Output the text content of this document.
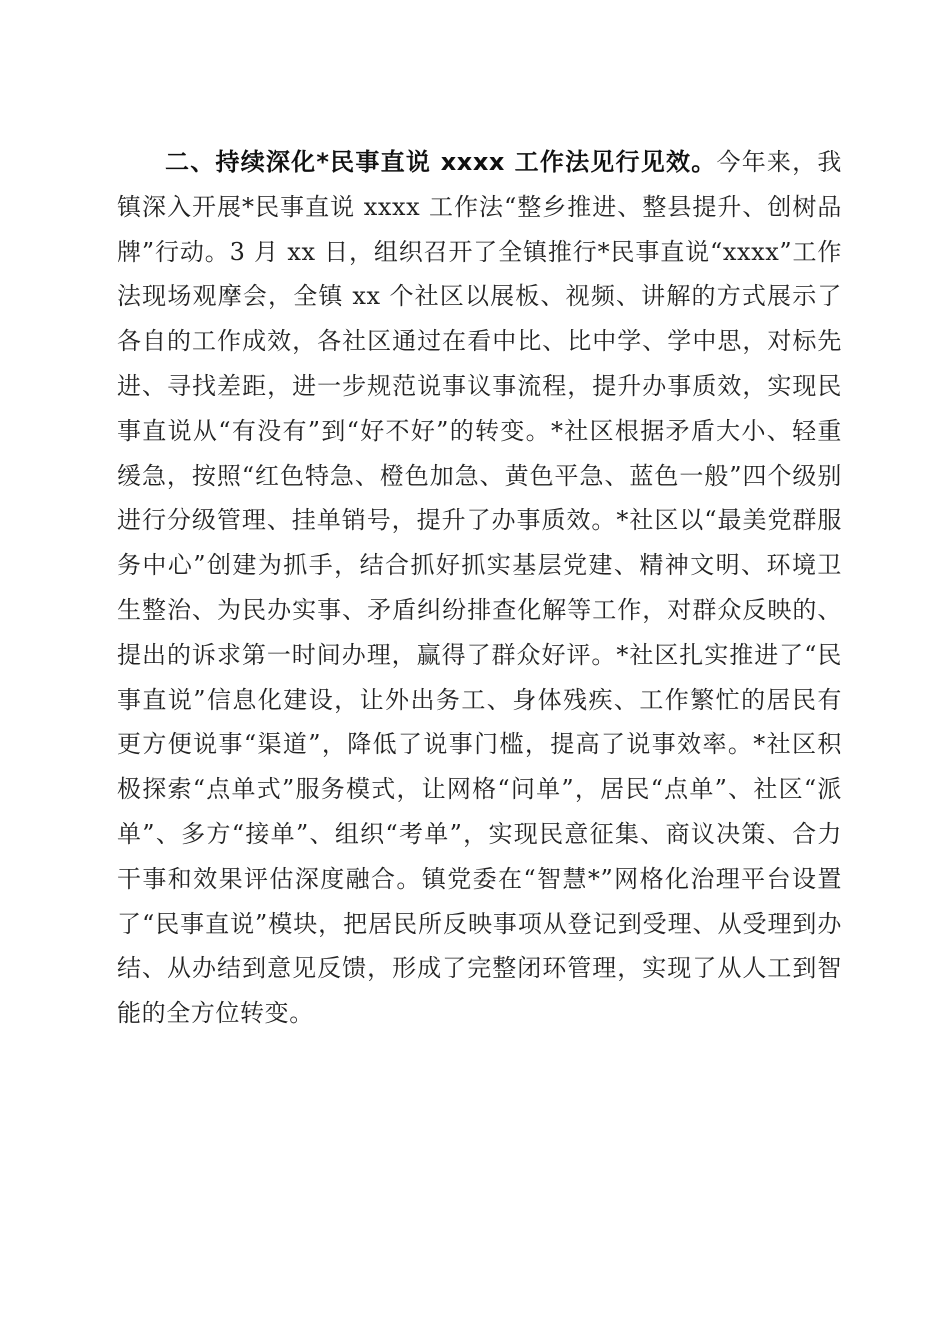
二、持续深化*民事直说 xxxx 工作法见行见效。今年来，我镇深入开展*民事直说 xxxx 工作法“整乡推进、整县提升、创树品牌”行动。3 月 xx 日，组织召开了全镇推行*民事直说“xxxx”工作法现场观摩会，全镇 xx 个社区以展板、视频、讲解的方式展示了各自的工作成效，各社区通过在看中比、比中学、学中思，对标先进、寻找差距，进一步规范说事议事流程，提升办事质效，实现民事直说从“有没有”到“好不好”的转变。*社区根据矛盾大小、轻重缓急，按照“红色特急、橙色加急、黄色平急、蓝色一般”四个级别进行分级管理、挂单销号，提升了办事质效。*社区以“最美党群服务中心”创建为抓手，结合抓好抓实基层党建、精神文明、环境卫生整治、为民办实事、矛盾纠纷排查化解等工作，对群众反映的、提出的诉求第一时间办理，赢得了群众好评。*社区扎实推进了“民事直说”信息化建设，让外出务工、身体残疾、工作繁忙的居民有更方便说事“渠道”，降低了说事门槛，提高了说事效率。*社区积极探索“点单式”服务模式，让网格“问单”，居民“点单”、社区“派单”、多方“接单”、组织“考单”，实现民意征集、商议决策、合力干事和效果评估深度融合。镇党委在“智慧*”网格化治理平台设置了“民事直说”模块，把居民所反映事项从登记到受理、从受理到办结、从办结到意见反馈，形成了完整闭环管理，实现了从人工到智能的全方位转变。
